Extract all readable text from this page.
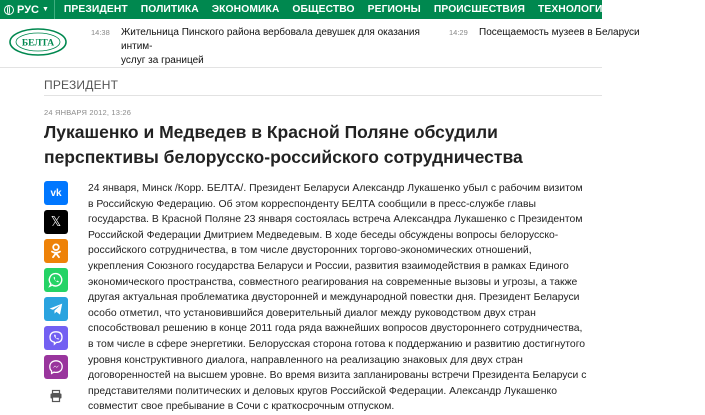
РУС ▼	ПРЕЗИДЕНТ	ПОЛИТИКА	ЭКОНОМИКА	ОБЩЕСТВО	РЕГИОНЫ	ПРОИСШЕСТВИЯ	ТЕХНОЛОГИИ	В МИРЕ	ВСЕ
БЕЛТА
14:38 Жительница Пинского района вербовала девушек для оказания интим-
услуг за границей
14:29 Посещаемость музеев в Беларуси
ПРЕЗИДЕНТ
24 ЯНВАРЯ 2012, 13:26
Лукашенко и Медведев в Красной Поляне обсудили перспективы белорусско-российского сотрудничества
vk
𝕏

24 января, Минск /Корр. БЕЛТА/. Президент Беларуси Александр Лукашенко убыл с рабочим визитом в Российскую Федерацию. Об этом корреспонденту БЕЛТА сообщили в пресс-службе главы государства. В Красной Поляне 23 января состоялась встреча Александра Лукашенко с Президентом Российской Федерации Дмитрием Медведевым. В ходе беседы обсуждены вопросы белорусско-российского сотрудничества, в том числе двусторонних торгово-экономических отношений, укрепления Союзного государства Беларуси и России, развития взаимодействия в рамках Единого экономического пространства, совместного реагирования на современные вызовы и угрозы, а также другая актуальная проблематика двусторонней и международной повестки дня. Президент Беларуси особо отметил, что установившийся доверительный диалог между руководством двух стран способствовал решению в конце 2011 года ряда важнейших вопросов двустороннего сотрудничества, в том числе в сфере энергетики. Белорусская сторона готова к поддержанию и развитию достигнутого уровня конструктивного диалога, направленного на реализацию знаковых для двух стран договоренностей на высшем уровне. Во время визита запланированы встречи Президента Беларуси с представителями политических и деловых кругов Российской Федерации. Александр Лукашенко совместит свое пребывание в Сочи с краткосрочным отпуском.
